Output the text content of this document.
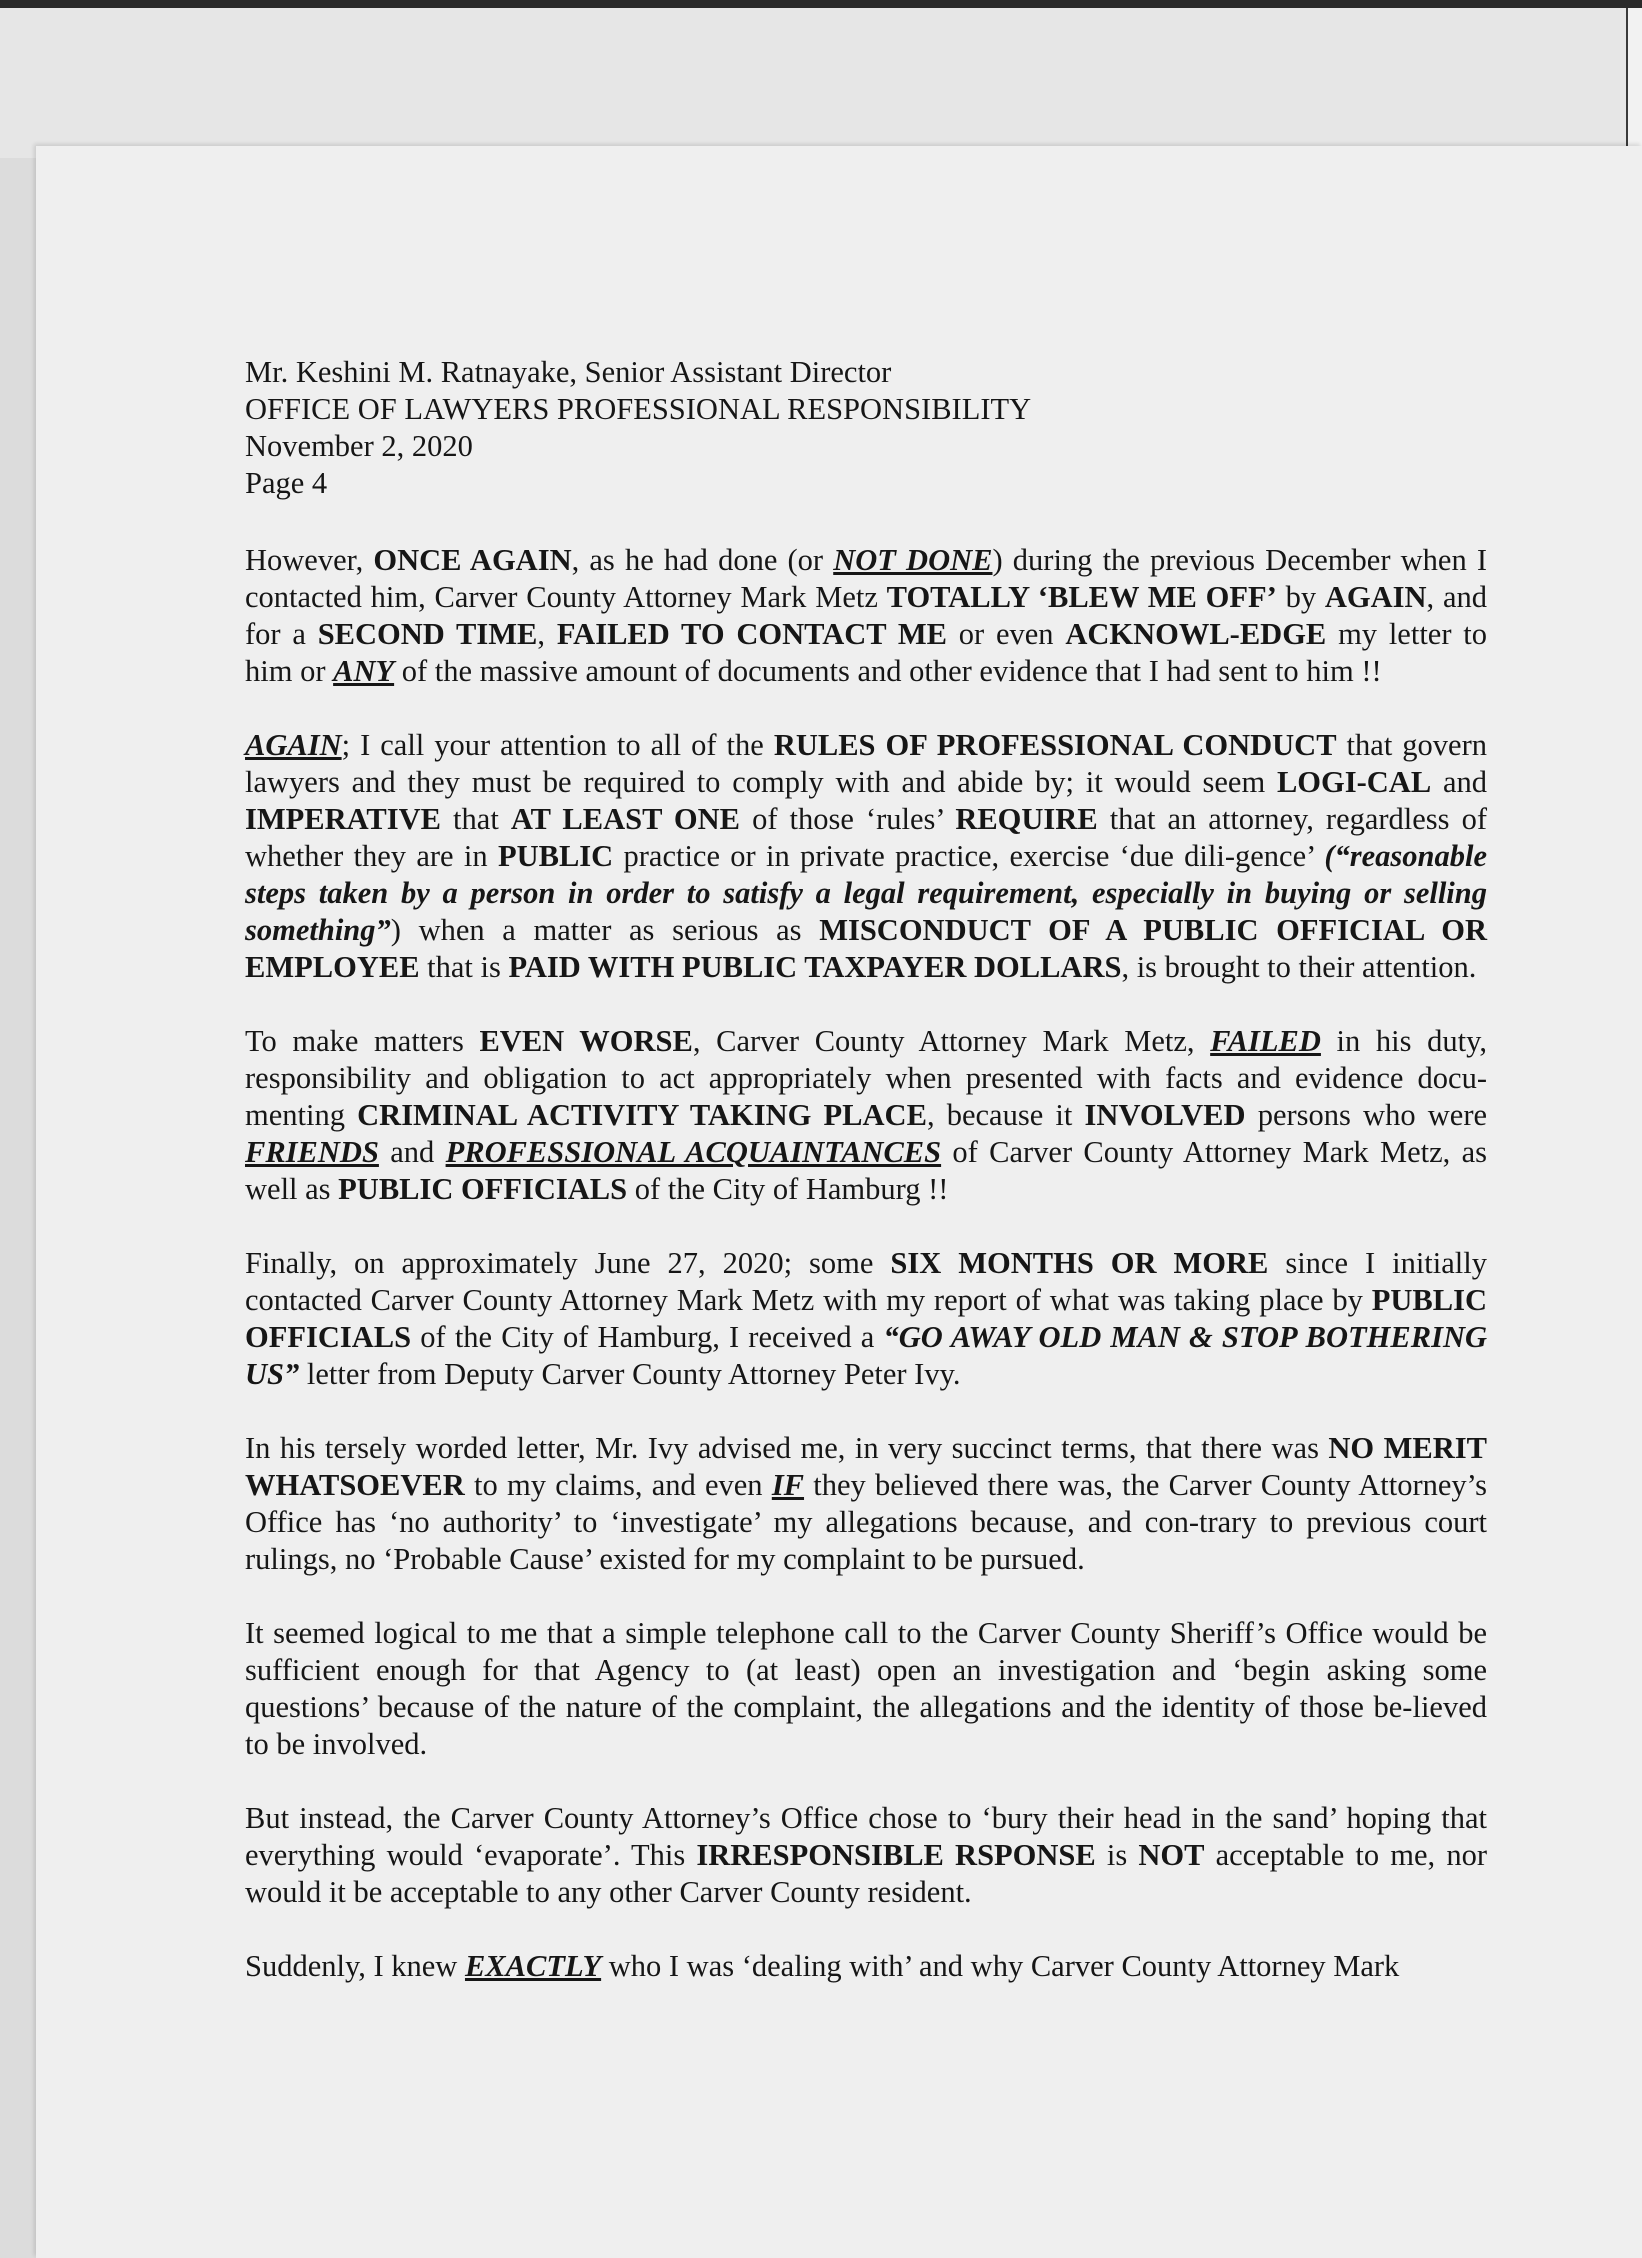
Mr. Keshini M. Ratnayake, Senior Assistant Director
OFFICE OF LAWYERS PROFESSIONAL RESPONSIBILITY
November 2, 2020
Page 4

However, ONCE AGAIN, as he had done (or NOT DONE) during the previous December when I contacted him, Carver County Attorney Mark Metz TOTALLY ‘BLEW ME OFF’ by AGAIN, and for a SECOND TIME, FAILED TO CONTACT ME or even ACKNOWL-EDGE my letter to him or ANY of the massive amount of documents and other evidence that I had sent to him !!

AGAIN; I call your attention to all of the RULES OF PROFESSIONAL CONDUCT that govern lawyers and they must be required to comply with and abide by; it would seem LOGI-CAL and IMPERATIVE that AT LEAST ONE of those ‘rules’ REQUIRE that an attorney, regardless of whether they are in PUBLIC practice or in private practice, exercise ‘due dili-gence’ (“reasonable steps taken by a person in order to satisfy a legal requirement, especially in buying or selling something”) when a matter as serious as MISCONDUCT OF A PUBLIC OFFICIAL OR EMPLOYEE that is PAID WITH PUBLIC TAXPAYER DOLLARS, is brought to their attention.

To make matters EVEN WORSE, Carver County Attorney Mark Metz, FAILED in his duty, responsibility and obligation to act appropriately when presented with facts and evidence docu-menting CRIMINAL ACTIVITY TAKING PLACE, because it INVOLVED persons who were FRIENDS and PROFESSIONAL ACQUAINTANCES of Carver County Attorney Mark Metz, as well as PUBLIC OFFICIALS of the City of Hamburg !!

Finally, on approximately June 27, 2020; some SIX MONTHS OR MORE since I initially contacted Carver County Attorney Mark Metz with my report of what was taking place by PUBLIC OFFICIALS of the City of Hamburg, I received a “GO AWAY OLD MAN & STOP BOTHERING US” letter from Deputy Carver County Attorney Peter Ivy.

In his tersely worded letter, Mr. Ivy advised me, in very succinct terms, that there was NO MERIT WHATSOEVER to my claims, and even IF they believed there was, the Carver County Attorney’s Office has ‘no authority’ to ‘investigate’ my allegations because, and con-trary to previous court rulings, no ‘Probable Cause’ existed for my complaint to be pursued.

It seemed logical to me that a simple telephone call to the Carver County Sheriff’s Office would be sufficient enough for that Agency to (at least) open an investigation and ‘begin asking some questions’ because of the nature of the complaint, the allegations and the identity of those be-lieved to be involved.

But instead, the Carver County Attorney’s Office chose to ‘bury their head in the sand’ hoping that everything would ‘evaporate’. This IRRESPONSIBLE RSPONSE is NOT acceptable to me, nor would it be acceptable to any other Carver County resident.

Suddenly, I knew EXACTLY who I was ‘dealing with’ and why Carver County Attorney Mark
